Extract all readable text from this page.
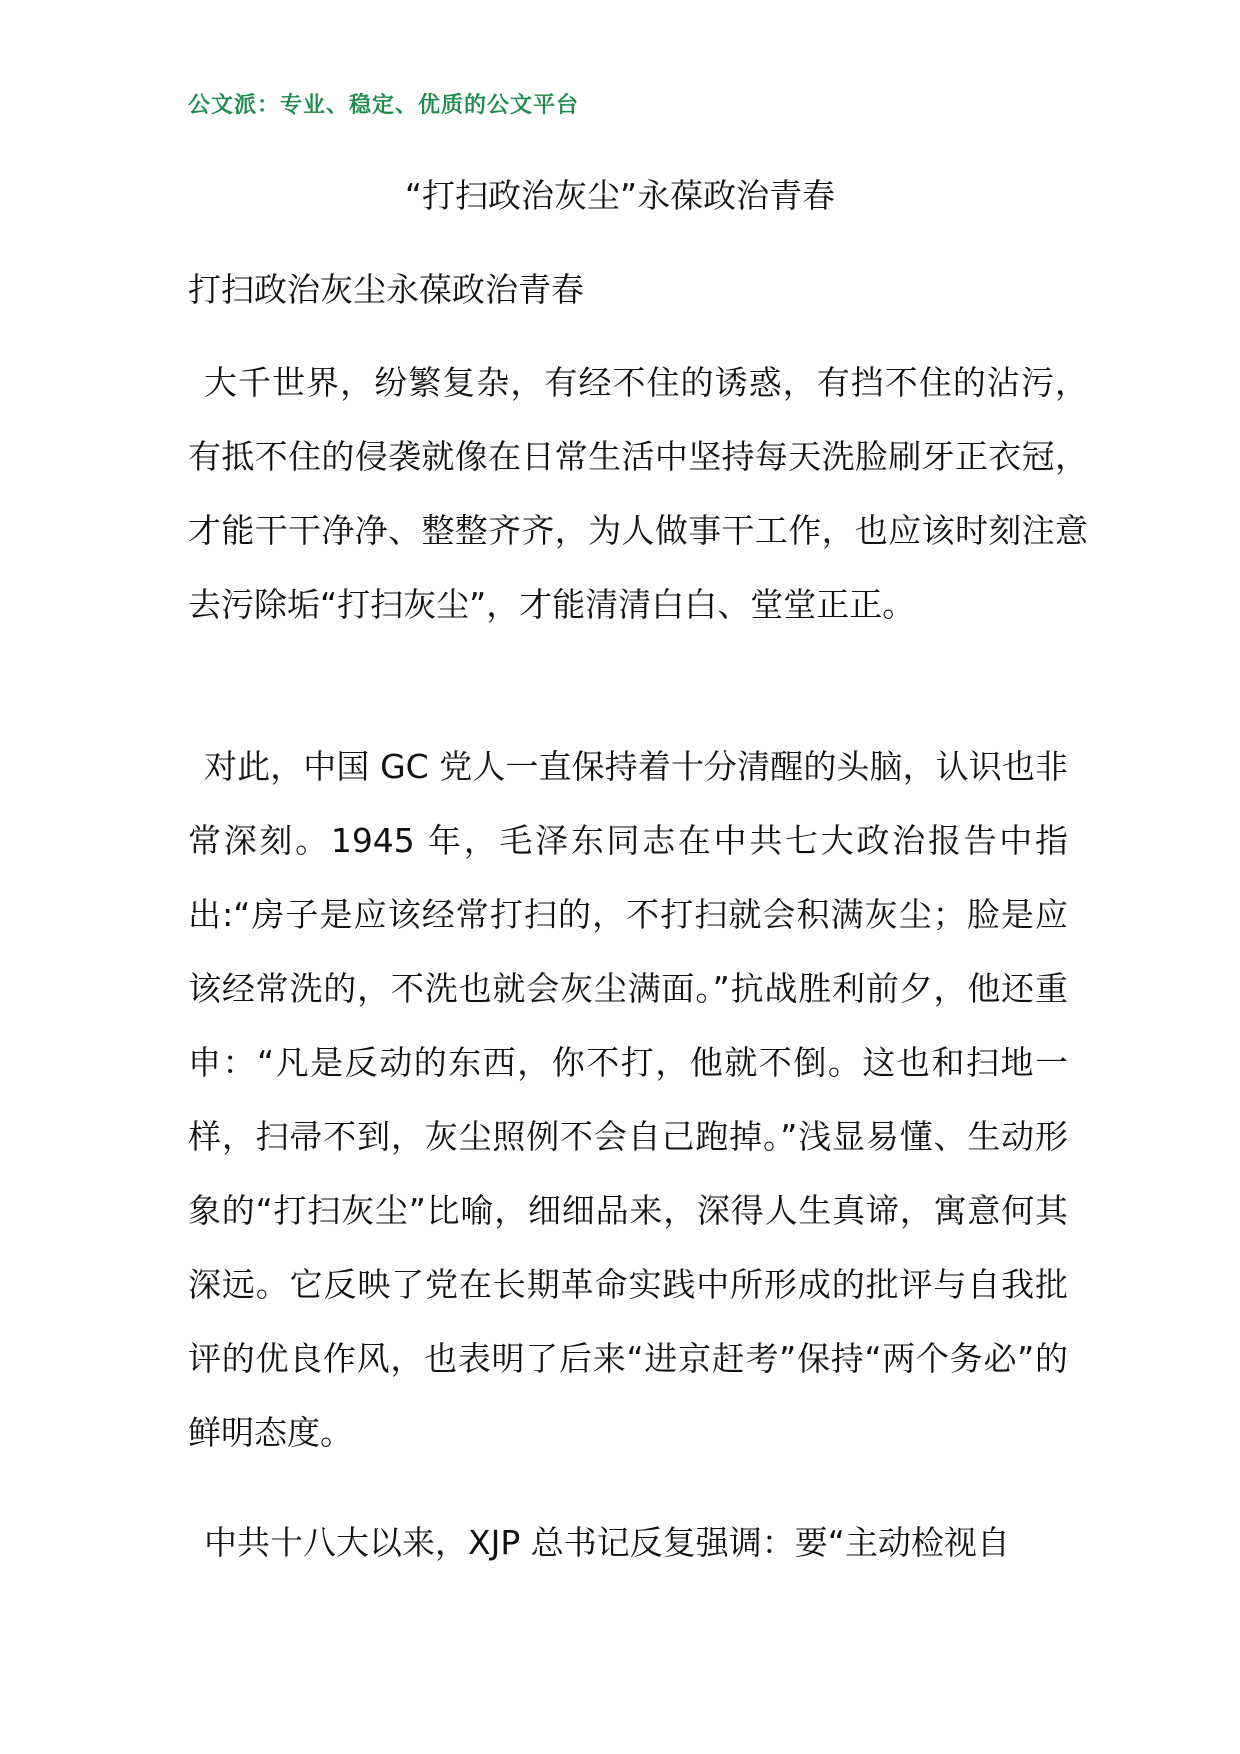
公文派：专业、稳定、优质的公文平台
“打扫政治灰尘”永葆政治青春
打扫政治灰尘永葆政治青春

大千世界，纷繁复杂，有经不住的诱惑，有挡不住的沾污，有抵不住的侵袭就像在日常生活中坚持每天洗脸刷牙正衣冠，才能干干净净、整整齐齐，为人做事干工作，也应该时刻注意去污除垢“打扫灰尘”，才能清清白白、堂堂正正。

对此，中国 GC 党人一直保持着十分清醒的头脑，认识也非常深刻。1945 年，毛泽东同志在中共七大政治报告中指出:“房子是应该经常打扫的，不打扫就会积满灰尘；脸是应该经常洗的，不洗也就会灰尘满面。”抗战胜利前夕，他还重申：“凡是反动的东西，你不打，他就不倒。这也和扫地一样，扫帚不到，灰尘照例不会自己跑掉。”浅显易懂、生动形象的“打扫灰尘”比喻，细细品来，深得人生真谛，寓意何其深远。它反映了党在长期革命实践中所形成的批评与自我批评的优良作风，也表明了后来“进京赶考”保持“两个务必”的鲜明态度。

中共十八大以来，XJP 总书记反复强调：要“主动检视自
